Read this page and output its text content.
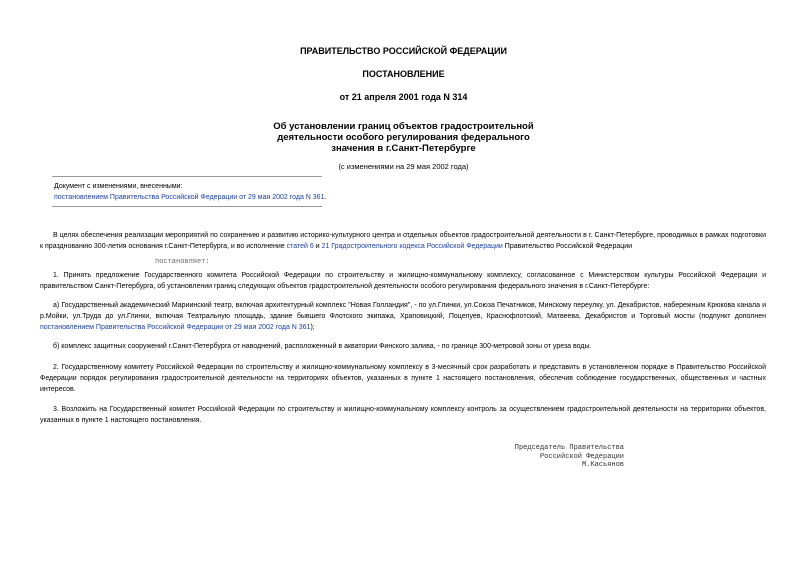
ПРАВИТЕЛЬСТВО РОССИЙСКОЙ ФЕДЕРАЦИИ
ПОСТАНОВЛЕНИЕ
от 21 апреля 2001 года N 314
Об установлении границ объектов градостроительной
деятельности особого регулирования федерального
значения в г.Санкт-Петербурге
(с изменениями на 29 мая 2002 года)
Документ с изменениями, внесенными:
постановлением Правительства Российской Федерации от 29 мая 2002 года N 361.
В целях обеспечения реализации мероприятий по сохранению и развитию историко-культурного центра и отдельных объектов градостроительной деятельности в г. Санкт-Петербурге, проводимых в рамках подготовки к празднованию 300-летия основания г.Санкт-Петербурга, и во исполнение статей 6 и 21 Градостроительного кодекса Российской Федерации Правительство Российской Федерации
постановляет:
1. Принять предложение Государственного комитета Российской Федерации по строительству и жилищно-коммунальному комплексу, согласованное с Министерством культуры Российской Федерации и правительством Санкт-Петербурга, об установлении границ следующих объектов градостроительной деятельности особого регулирования федерального значения в г.Санкт-Петербурге:
а) Государственный академический Мариинский театр, включая архитектурный комплекс "Новая Голландия", - по ул.Глинки, ул.Союза Печатников, Минскому переулку, ул. Декабристов, набережным Крюкова канала и р.Мойки, ул.Труда до ул.Глинки, включая Театральную площадь, здание бывшего Флотского экипажа, Храповицкий, Поцелуев, Краснофлотский, Матвеева, Декабристов и Торговый мосты (подпункт дополнен постановлением Правительства Российской Федерации от 29 мая 2002 года N 361);
б) комплекс защитных сооружений г.Санкт-Петербурга от наводнений, расположенный в акватории Финского залива, - по границе 300-метровой зоны от уреза воды.
2. Государственному комитету Российской Федерации по строительству и жилищно-коммунальному комплексу в 3-месячный срок разработать и представить в установленном порядке в Правительство Российской Федерации порядок регулирования градостроительной деятельности на территориях объектов, указанных в пункте 1 настоящего постановления, обеспечив соблюдение государственных, общественных и частных интересов.
3. Возложить на Государственный комитет Российской Федерации по строительству и жилищно-коммунальному комплексу контроль за осуществлением градостроительной деятельности на территориях объектов, указанных в пункте 1 настоящего постановления.
Председатель Правительства
Российской Федерации
М.Касьянов
